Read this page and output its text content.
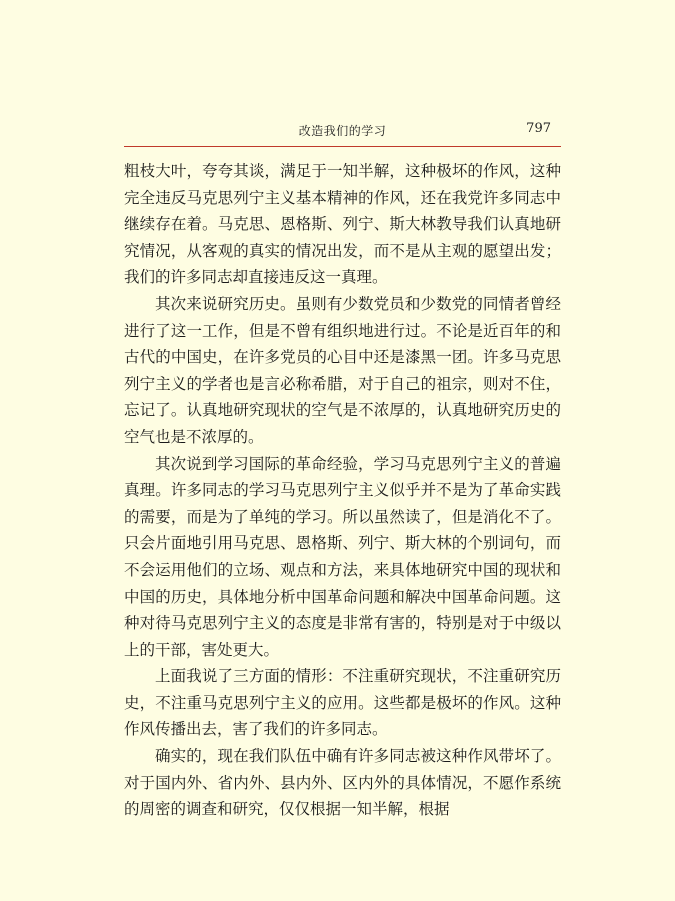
改造我们的学习	797

粗枝大叶，夸夸其谈，满足于一知半解，这种极坏的作风，这种完全违反马克思列宁主义基本精神的作风，还在我党许多同志中继续存在着。马克思、恩格斯、列宁、斯大林教导我们认真地研究情况，从客观的真实的情况出发，而不是从主观的愿望出发；我们的许多同志却直接违反这一真理。

其次来说研究历史。虽则有少数党员和少数党的同情者曾经进行了这一工作，但是不曾有组织地进行过。不论是近百年的和古代的中国史，在许多党员的心目中还是漆黑一团。许多马克思列宁主义的学者也是言必称希腊，对于自己的祖宗，则对不住，忘记了。认真地研究现状的空气是不浓厚的，认真地研究历史的空气也是不浓厚的。

其次说到学习国际的革命经验，学习马克思列宁主义的普遍真理。许多同志的学习马克思列宁主义似乎并不是为了革命实践的需要，而是为了单纯的学习。所以虽然读了，但是消化不了。只会片面地引用马克思、恩格斯、列宁、斯大林的个别词句，而不会运用他们的立场、观点和方法，来具体地研究中国的现状和中国的历史，具体地分析中国革命问题和解决中国革命问题。这种对待马克思列宁主义的态度是非常有害的，特别是对于中级以上的干部，害处更大。

上面我说了三方面的情形：不注重研究现状，不注重研究历史，不注重马克思列宁主义的应用。这些都是极坏的作风。这种作风传播出去，害了我们的许多同志。

确实的，现在我们队伍中确有许多同志被这种作风带坏了。对于国内外、省内外、县内外、区内外的具体情况，不愿作系统的周密的调查和研究，仅仅根据一知半解，根据
